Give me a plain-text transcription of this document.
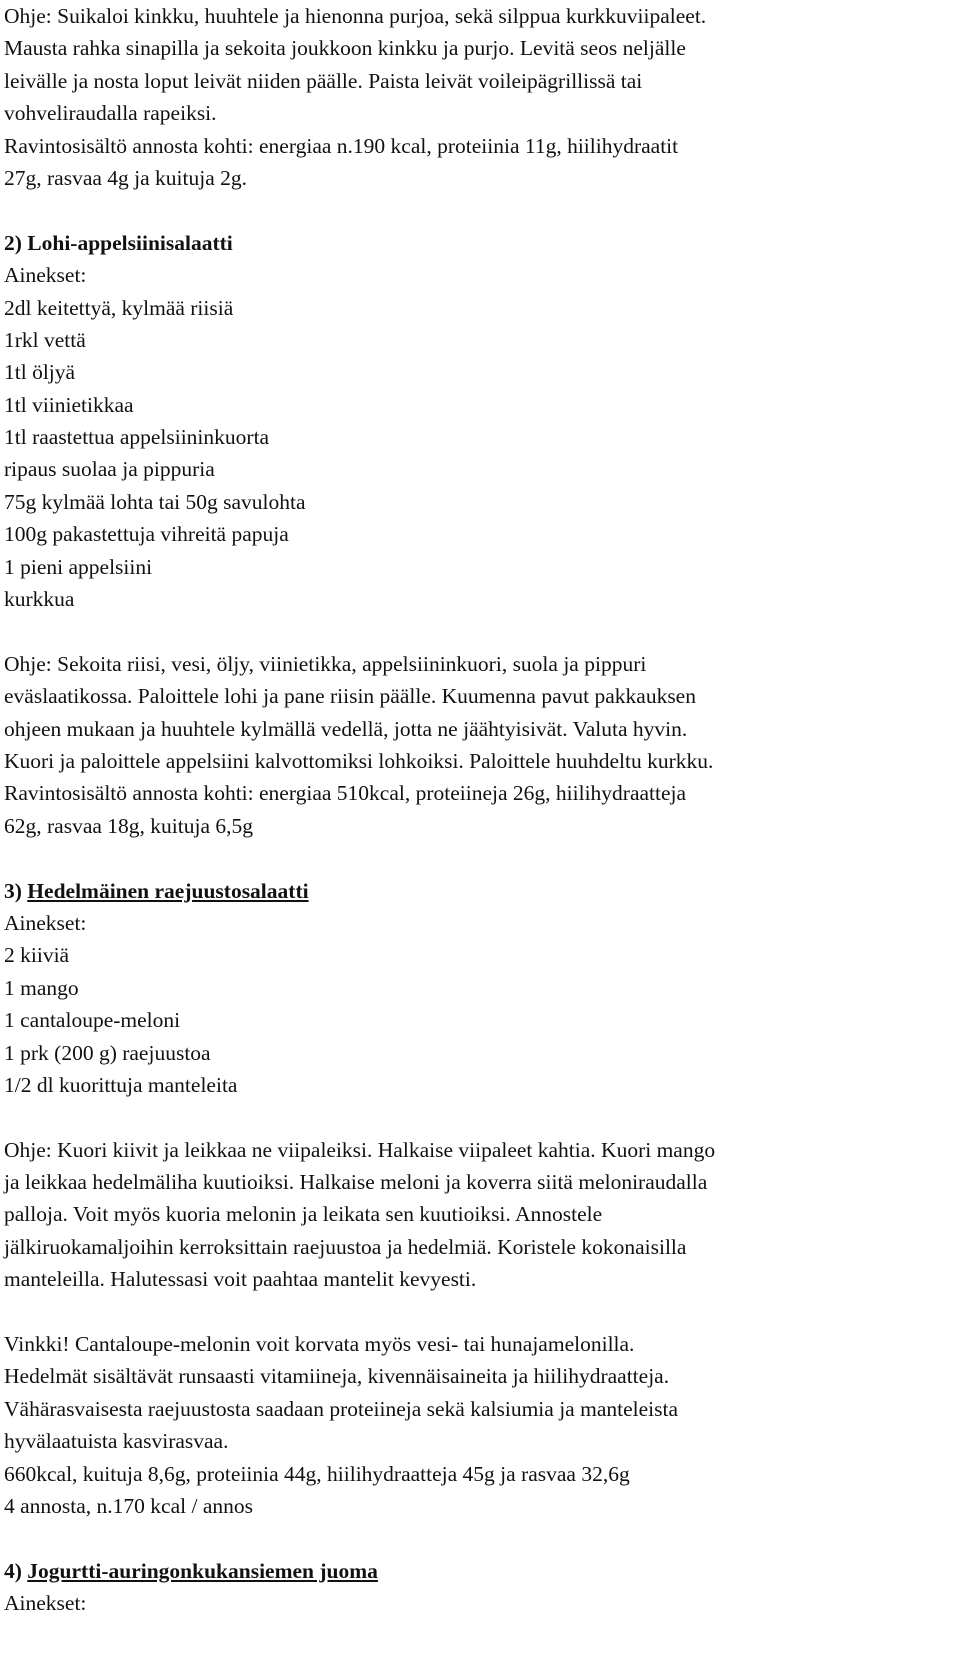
Ohje: Suikaloi kinkku, huuhtele ja hienonna purjoa, sekä silppua kurkkuviipaleet.
Mausta rahka sinapilla ja sekoita joukkoon kinkku ja purjo. Levitä seos neljälle
leivälle ja nosta loput leivät niiden päälle. Paista leivät voileipägrillissä tai
vohveliraudalla rapeiksi.
Ravintosisältö annosta kohti: energiaa n.190 kcal, proteiinia 11g, hiilihydraatit
27g, rasvaa 4g ja kuituja 2g.
2) Lohi-appelsiinisalaatti
Ainekset:
2dl keitettyä, kylmää riisiä
1rkl vettä
1tl öljyä
1tl viinietikkaa
1tl raastettua appelsiininkuorta
ripaus suolaa ja pippuria
75g kylmää lohta tai 50g savulohta
100g pakastettuja vihreitä papuja
1 pieni appelsiini
kurkkua
Ohje: Sekoita riisi, vesi, öljy, viinietikka, appelsiininkuori, suola ja pippuri
eväslaatikossa. Paloittele lohi ja pane riisin päälle. Kuumenna pavut pakkauksen
ohjeen mukaan ja huuhtele kylmällä vedellä, jotta ne jäähtyisivät. Valuta hyvin.
Kuori ja paloittele appelsiini kalvottomiksi lohkoiksi. Paloittele huuhdeltu kurkku.
Ravintosisältö annosta kohti: energiaa 510kcal, proteiineja 26g, hiilihydraatteja
62g, rasvaa 18g, kuituja 6,5g
3) Hedelmäinen raejuustosalaatti
Ainekset:
2 kiiviä
1 mango
1 cantaloupe-meloni
1 prk (200 g) raejuustoa
1/2 dl kuorittuja manteleita
Ohje: Kuori kiivit ja leikkaa ne viipaleiksi. Halkaise viipaleet kahtia. Kuori mango
ja leikkaa hedelmäliha kuutioiksi. Halkaise meloni ja koverra siitä meloniraudalla
palloja. Voit myös kuoria melonin ja leikata sen kuutioiksi. Annostele
jälkiruokamaljoihin kerroksittain raejuustoa ja hedelmiä. Koristele kokonaisilla
manteleilla. Halutessasi voit paahtaa mantelit kevyesti.
Vinkki! Cantaloupe-melonin voit korvata myös vesi- tai hunajamelonilla.
Hedelmät sisältävät runsaasti vitamiineja, kivennäisaineita ja hiilihydraatteja.
Vähärasvaisesta raejuustosta saadaan proteiineja sekä kalsiumia ja manteleista
hyvälaatuista kasvirasvaa.
660kcal, kuituja 8,6g, proteiinia 44g, hiilihydraatteja 45g ja rasvaa 32,6g
4 annosta, n.170 kcal / annos
4) Jogurtti-auringonkukansiemen juoma
Ainekset:
